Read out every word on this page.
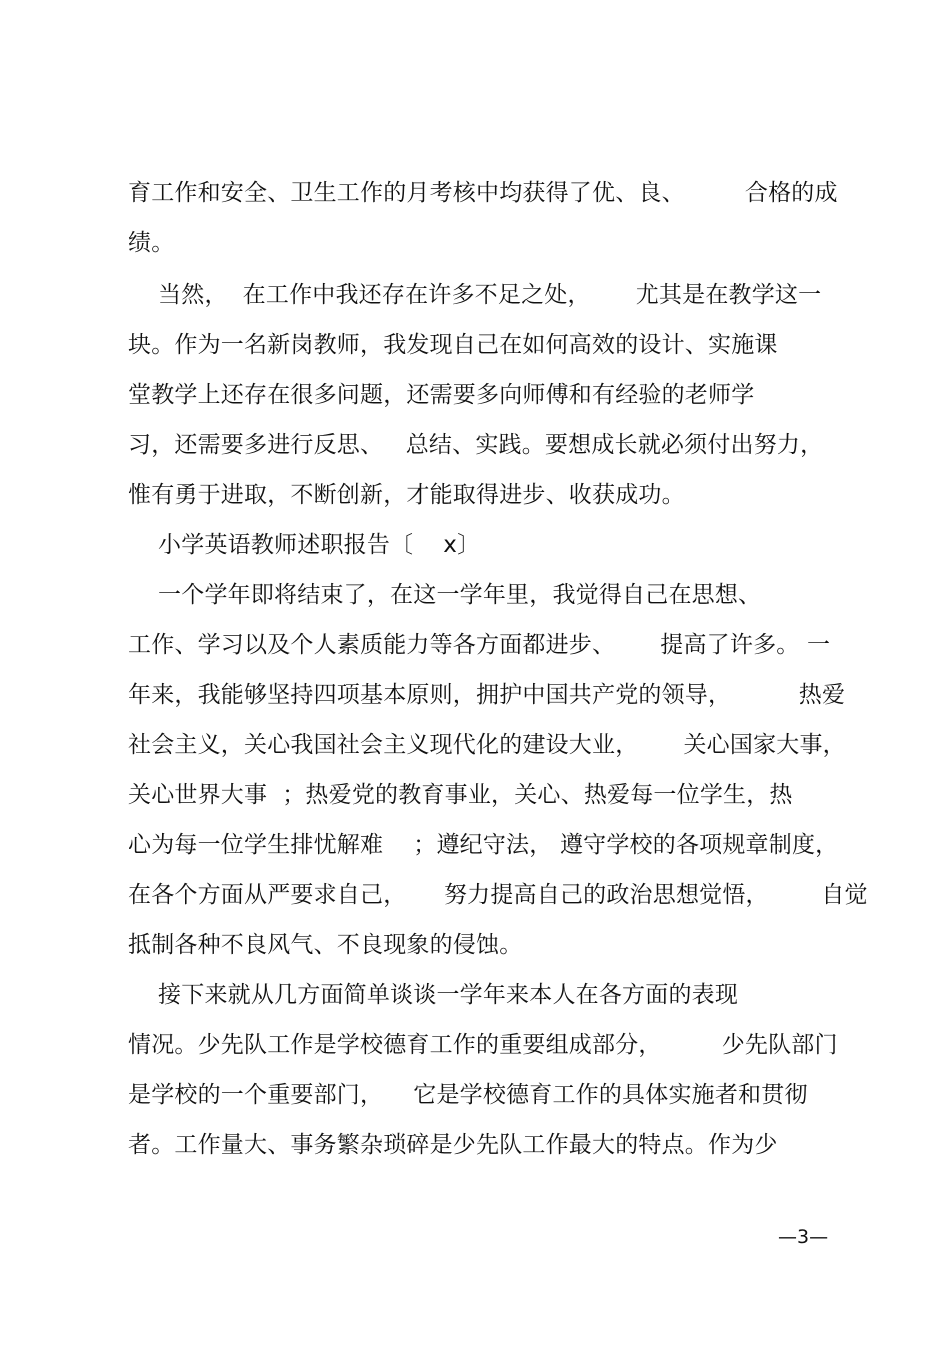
育工作和安全、卫生工作的月考核中均获得了优、良、        合格的成
绩。
当然，  在工作中我还存在许多不足之处，      尤其是在教学这一
块。作为一名新岗教师，我发现自己在如何高效的设计、实施课
堂教学上还存在很多问题，还需要多向师傅和有经验的老师学
习，还需要多进行反思、   总结、实践。要想成长就必须付出努力，
惟有勇于进取，不断创新，才能取得进步、收获成功。
小学英语教师述职报告〔    x〕
一个学年即将结束了，在这一学年里，我觉得自己在思想、
工作、学习以及个人素质能力等各方面都进步、      提高了许多。 一
年来，我能够坚持四项基本原则，拥护中国共产党的领导，         热爱
社会主义，关心我国社会主义现代化的建设大业，      关心国家大事，
关心世界大事  ；热爱党的教育事业，关心、热爱每一位学生，热
心为每一位学生排忧解难    ；遵纪守法， 遵守学校的各项规章制度，
在各个方面从严要求自己，     努力提高自己的政治思想觉悟，       自觉
抵制各种不良风气、不良现象的侵蚀。
接下来就从几方面简单谈谈一学年来本人在各方面的表现
情况。少先队工作是学校德育工作的重要组成部分，        少先队部门
是学校的一个重要部门，    它是学校德育工作的具体实施者和贯彻
者。工作量大、事务繁杂琐碎是少先队工作最大的特点。作为少
—3—
